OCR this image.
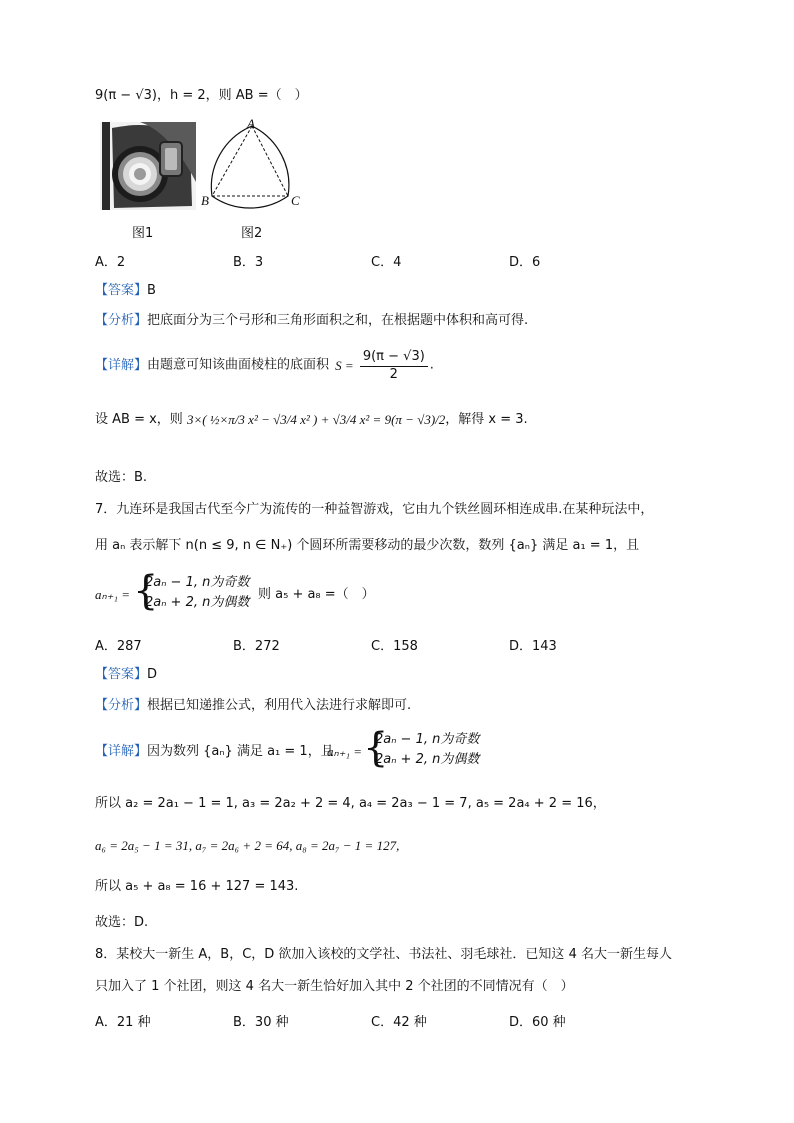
9(π − √3)，h = 2，则 AB =（　）
A
B	C
图1	图2
A．2	B．3	C．4	D．6
【答案】B
【分析】把底面分为三个弓形和三角形面积之和，在根据题中体积和高可得.
【详解】由题意可知该曲面棱柱的底面积 $S = \frac{9(\pi - √3)}{2}$ .
设 AB = x，则 3×( ½×π/3 x² − √3/4 x² ) + √3/4 x² = 9(π − √3)/2，解得 x = 3.
故选：B.
7．九连环是我国古代至今广为流传的一种益智游戏，它由九个铁丝圆环相连成串.在某种玩法中，
用 aₙ 表示解下 n(n ≤ 9, n ∈ N₊) 个圆环所需要移动的最少次数，数列 {aₙ} 满足 a₁ = 1，且
aₙ₊₁ = {
2aₙ − 1, n为奇数
2aₙ + 2, n为偶数
，则 a₅ + a₈ =（　）
A．287	B．272	C．158	D．143
【答案】D
【分析】根据已知递推公式，利用代入法进行求解即可.
【详解】 因为数列 {aₙ} 满足 a₁ = 1，且
aₙ₊₁ = {
2aₙ − 1, n为奇数
2aₙ + 2, n为偶数
，
所以 a₂ = 2a₁ − 1 = 1, a₃ = 2a₂ + 2 = 4, a₄ = 2a₃ − 1 = 7, a₅ = 2a₄ + 2 = 16，
a₆ = 2a₅ − 1 = 31, a₇ = 2a₆ + 2 = 64, a₈ = 2a₇ − 1 = 127,
所以 a₅ + a₈ = 16 + 127 = 143.
故选：D.
8．某校大一新生 A，B，C，D 欲加入该校的文学社、书法社、羽毛球社．已知这 4 名大一新生每人
只加入了 1 个社团，则这 4 名大一新生恰好加入其中 2 个社团的不同情况有（　）
A．21 种	B．30 种	C．42 种	D．60 种
